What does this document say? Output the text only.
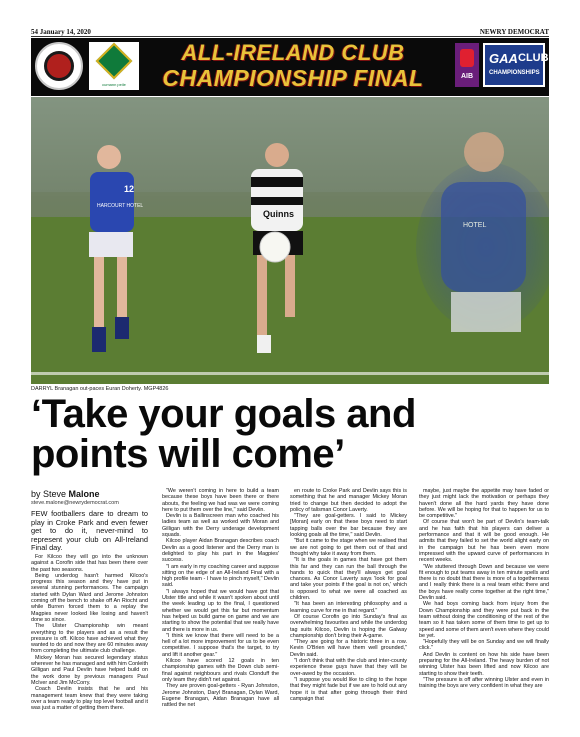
54 January 14, 2020	NEWRY DEMOCRAT
cumann peile
ALL-IRELAND CLUB
CHAMPIONSHIP FINAL	AIB
GAA CLUB
CHAMPIONSHIPS
HARCOURT HOTEL
12
Quinns
HOTEL
DARRYL Branagan out-paces Euran Doherty. MGP4826
‘Take your goals and
points will come’
by Steve Malone
steve.malone@newrydemocrat.com

FEW footballers dare to dream to play in Croke Park and even fewer get to do it, never-mind to represent your club on All-Ireland Final day.

For Kilcoo they will go into the unknown against a Corofin side that has been there over the past two seasons.

Being underdog hasn't harmed Kilcoo's progress this season and they have put in several stunning performances. The campaign started with Dylan Ward and Jerome Johnston coming off the bench to shake off An Riocht and while Burren forced them to a replay the Magpies never looked like losing and haven't done so since.

The Ulster Championship win meant everything to the players and as a result the pressure is off. Kilcoo have achieved what they wanted to do and now they are 60 minutes away from completing the ultimate club challenge.

Mickey Moran has secured legendary status wherever he has managed and with him Conleith Gilligan and Paul Devlin have helped build on the work done by previous managers Paul McIver and Jim McCorry.

Coach Devlin insists that he and his management team knew that they were taking over a team ready to play top level football and it was just a matter of getting them there.

"We weren't coming in here to build a team because these boys have been there or there abouts, the feeling we had was we were coming here to put them over the line," said Devlin.

Devlin is a Ballinscreen man who coached his ladies team as well as worked with Moran and Gilligan with the Derry underage development squads.

Kilcoo player Aidan Branagan describes coach Devlin as a good listener and the Derry man is delighted to play his part in the Magpies' success.

"I am early in my coaching career and suppose sitting on the edge of an All-Ireland Final with a high profile team - I have to pinch myself," Devlin said.

"I always hoped that we would have got that Ulster title and while it wasn't spoken about until the week leading up to the final, I questioned whether we would get this far but momentum has helped us build game on game and we are starting to show the potential that we really have and there is more in us.

"I think we know that there will need to be a hell of a lot more improvement for us to be even competitive. I suppose that's the target, to try and lift it another gear."

Kilcoo have scored 12 goals in ten championship games with the Down club semi-final against neighbours and rivals Clonduff the only team they didn't net against.

They are proven goal-getters - Ryan Johnston, Jerome Johnston, Daryl Branagan, Dylan Ward, Eugene Branagan, Aidan Branagan have all rattled the net

en route to Croke Park and Devlin says this is something that he and manager Mickey Moran tried to change but then decided to adopt the policy of talisman Conor Laverty.

"They are goal-getters. I said to Mickey [Moran] early on that these boys need to start tapping balls over the bar because they are looking goals all the time," said Devlin.

"But it came to the stage when we realised that we are not going to get them out of that and thought why take it away from them.

"It is the goals in games that have got them this far and they can run the ball through the hands to quick that they'll always get goal chances. As Conor Laverty says 'look for goal and take your points if the goal is not on,' which is opposed to what we were all coached as children.

"It has been an interesting philosophy and a learning curve for me in that regard."

Of course Corofin go into Sunday's final as overwhelming favourites and while the underdog tag suits Kilcoo, Devlin is hoping the Galway championship don't bring their A-game.

"They are going for a historic three in a row. Kevin O'Brien will have them well grounded," Devlin said.

"I don't think that with the club and inter-county experience these guys have that they will be over-awed by the occasion.

"I suppose you would like to cling to the hope that they might fade but if we are to hold out any hope it is that after going through their third campaign that

maybe, just maybe the appetite may have faded or they just might lack the motivation or perhaps they haven't done all the hard yards they have done before. We will be hoping for that to happen for us to be competitive."

Of course that won't be part of Devlin's team-talk and he has faith that his players can deliver a performance and that it will be good enough. He admits that they failed to set the world alight early on in the campaign but he has been even more impressed with the upward curve of performances in recent weeks.

"We stuttered through Down and because we were fit enough to put teams away in ten minute spells and there is no doubt that there is more of a togetherness and I really think there is a real team ethic there and the boys have really come together at the right time," Devlin said.

We had boys coming back from injury from the Down Championship and they were put back in the team without doing the conditioning of the rest of the team so it has taken some of them time to get up to speed and some of them aren't even where they could be yet.

"Hopefully they will be on Sunday and we will finally click."

And Devlin is content on how his side have been preparing for the All-Ireland. The heavy burden of not winning Ulster has been lifted and now Kilcoo are starting to show their teeth.

"The pressure is off after winning Ulster and even in training the boys are very confident in what they are
